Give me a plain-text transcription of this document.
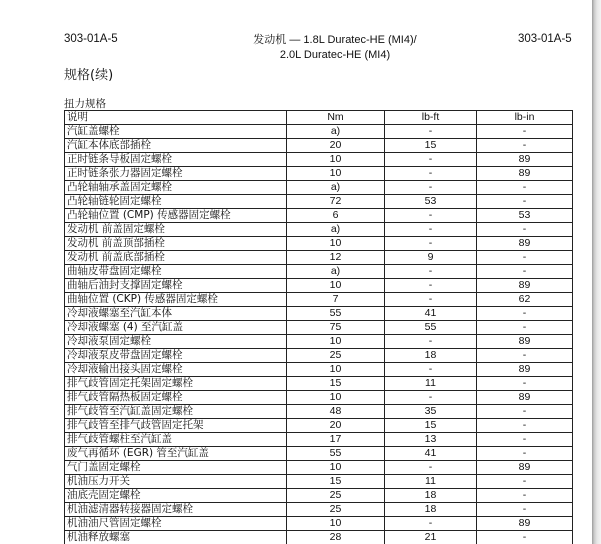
303-01A-5	发动机 — 1.8L Duratec-HE (MI4)/
2.0L Duratec-HE (MI4)
303-01A-5
规格(续)
扭力规格
说明	Nm	lb-ft	lb-in
汽缸盖螺栓	a)	-	-
汽缸本体底部插栓	20	15	-
正时链条导板固定螺栓	10	-	89
正时链条张力器固定螺栓	10	-	89
凸轮轴轴承盖固定螺栓	a)	-	-
凸轮轴链轮固定螺栓	72	53	-
凸轮轴位置 (CMP) 传感器固定螺栓	6	-	53
发动机 前盖固定螺栓	a)	-	-
发动机 前盖顶部插栓	10	-	89
发动机 前盖底部插栓	12	9	-
曲轴皮带盘固定螺栓	a)	-	-
曲轴后油封支撑固定螺栓	10	-	89
曲轴位置 (CKP) 传感器固定螺栓	7	-	62
冷却液螺塞至汽缸本体	55	41	-
冷却液螺塞 (4) 至汽缸盖	75	55	-
冷却液泵固定螺栓	10	-	89
冷却液泵皮带盘固定螺栓	25	18	-
冷却液输出接头固定螺栓	10	-	89
排气歧管固定托架固定螺栓	15	11	-
排气歧管隔热板固定螺栓	10	-	89
排气歧管至汽缸盖固定螺栓	48	35	-
排气歧管至排气歧管固定托架	20	15	-
排气歧管螺柱至汽缸盖	17	13	-
废气再循环 (EGR) 管至汽缸盖	55	41	-
气门盖固定螺栓	10	-	89
机油压力开关	15	11	-
油底壳固定螺栓	25	18	-
机油滤清器转接器固定螺栓	25	18	-
机油油尺管固定螺栓	10	-	89
机油释放螺塞	28	21	-
